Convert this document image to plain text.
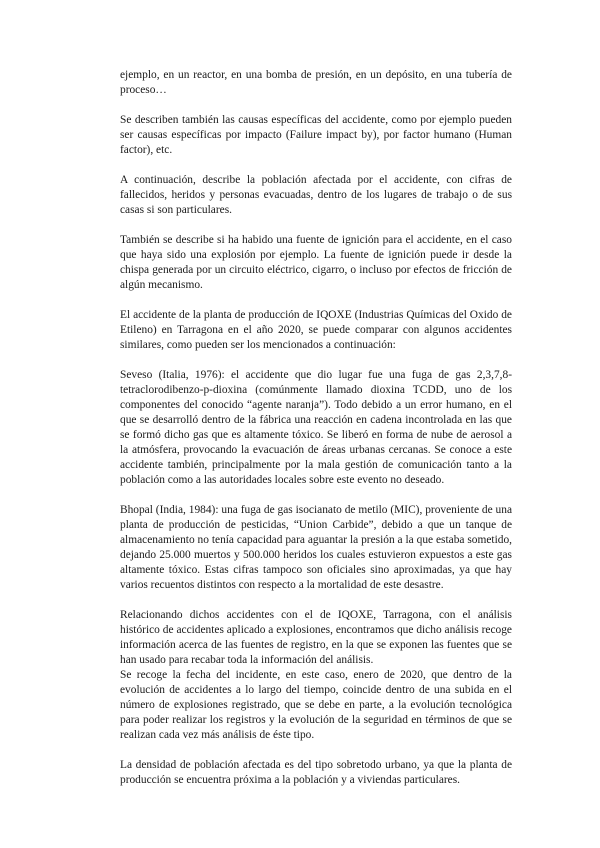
ejemplo, en un reactor, en una bomba de presión, en un depósito, en una tubería de proceso…

Se describen también las causas específicas del accidente, como por ejemplo pueden ser causas específicas por impacto (Failure impact by), por factor humano (Human factor), etc.

A continuación, describe la población afectada por el accidente, con cifras de fallecidos, heridos y personas evacuadas, dentro de los lugares de trabajo o de sus casas si son particulares.

También se describe si ha habido una fuente de ignición para el accidente, en el caso que haya sido una explosión por ejemplo. La fuente de ignición puede ir desde la chispa generada por un circuito eléctrico, cigarro, o incluso por efectos de fricción de algún mecanismo.

El accidente de la planta de producción de IQOXE (Industrias Químicas del Oxido de Etileno) en Tarragona en el año 2020, se puede comparar con algunos accidentes similares, como pueden ser los mencionados a continuación:

Seveso (Italia, 1976): el accidente que dio lugar fue una fuga de gas 2,3,7,8-tetraclorodibenzo-p-dioxina (comúnmente llamado dioxina TCDD, uno de los componentes del conocido “agente naranja”). Todo debido a un error humano, en el que se desarrolló dentro de la fábrica una reacción en cadena incontrolada en las que se formó dicho gas que es altamente tóxico. Se liberó en forma de nube de aerosol a la atmósfera, provocando la evacuación de áreas urbanas cercanas. Se conoce a este accidente también, principalmente por la mala gestión de comunicación tanto a la población como a las autoridades locales sobre este evento no deseado.

Bhopal (India, 1984): una fuga de gas isocianato de metilo (MIC), proveniente de una planta de producción de pesticidas, “Union Carbide”, debido a que un tanque de almacenamiento no tenía capacidad para aguantar la presión a la que estaba sometido, dejando 25.000 muertos y 500.000 heridos los cuales estuvieron expuestos a este gas altamente tóxico. Estas cifras tampoco son oficiales sino aproximadas, ya que hay varios recuentos distintos con respecto a la mortalidad de este desastre.

Relacionando dichos accidentes con el de IQOXE, Tarragona, con el análisis histórico de accidentes aplicado a explosiones, encontramos que dicho análisis recoge información acerca de las fuentes de registro, en la que se exponen las fuentes que se han usado para recabar toda la información del análisis.

Se recoge la fecha del incidente, en este caso, enero de 2020, que dentro de la evolución de accidentes a lo largo del tiempo, coincide dentro de una subida en el número de explosiones registrado, que se debe en parte, a la evolución tecnológica para poder realizar los registros y la evolución de la seguridad en términos de que se realizan cada vez más análisis de éste tipo.

La densidad de población afectada es del tipo sobretodo urbano, ya que la planta de producción se encuentra próxima a la población y a viviendas particulares.
